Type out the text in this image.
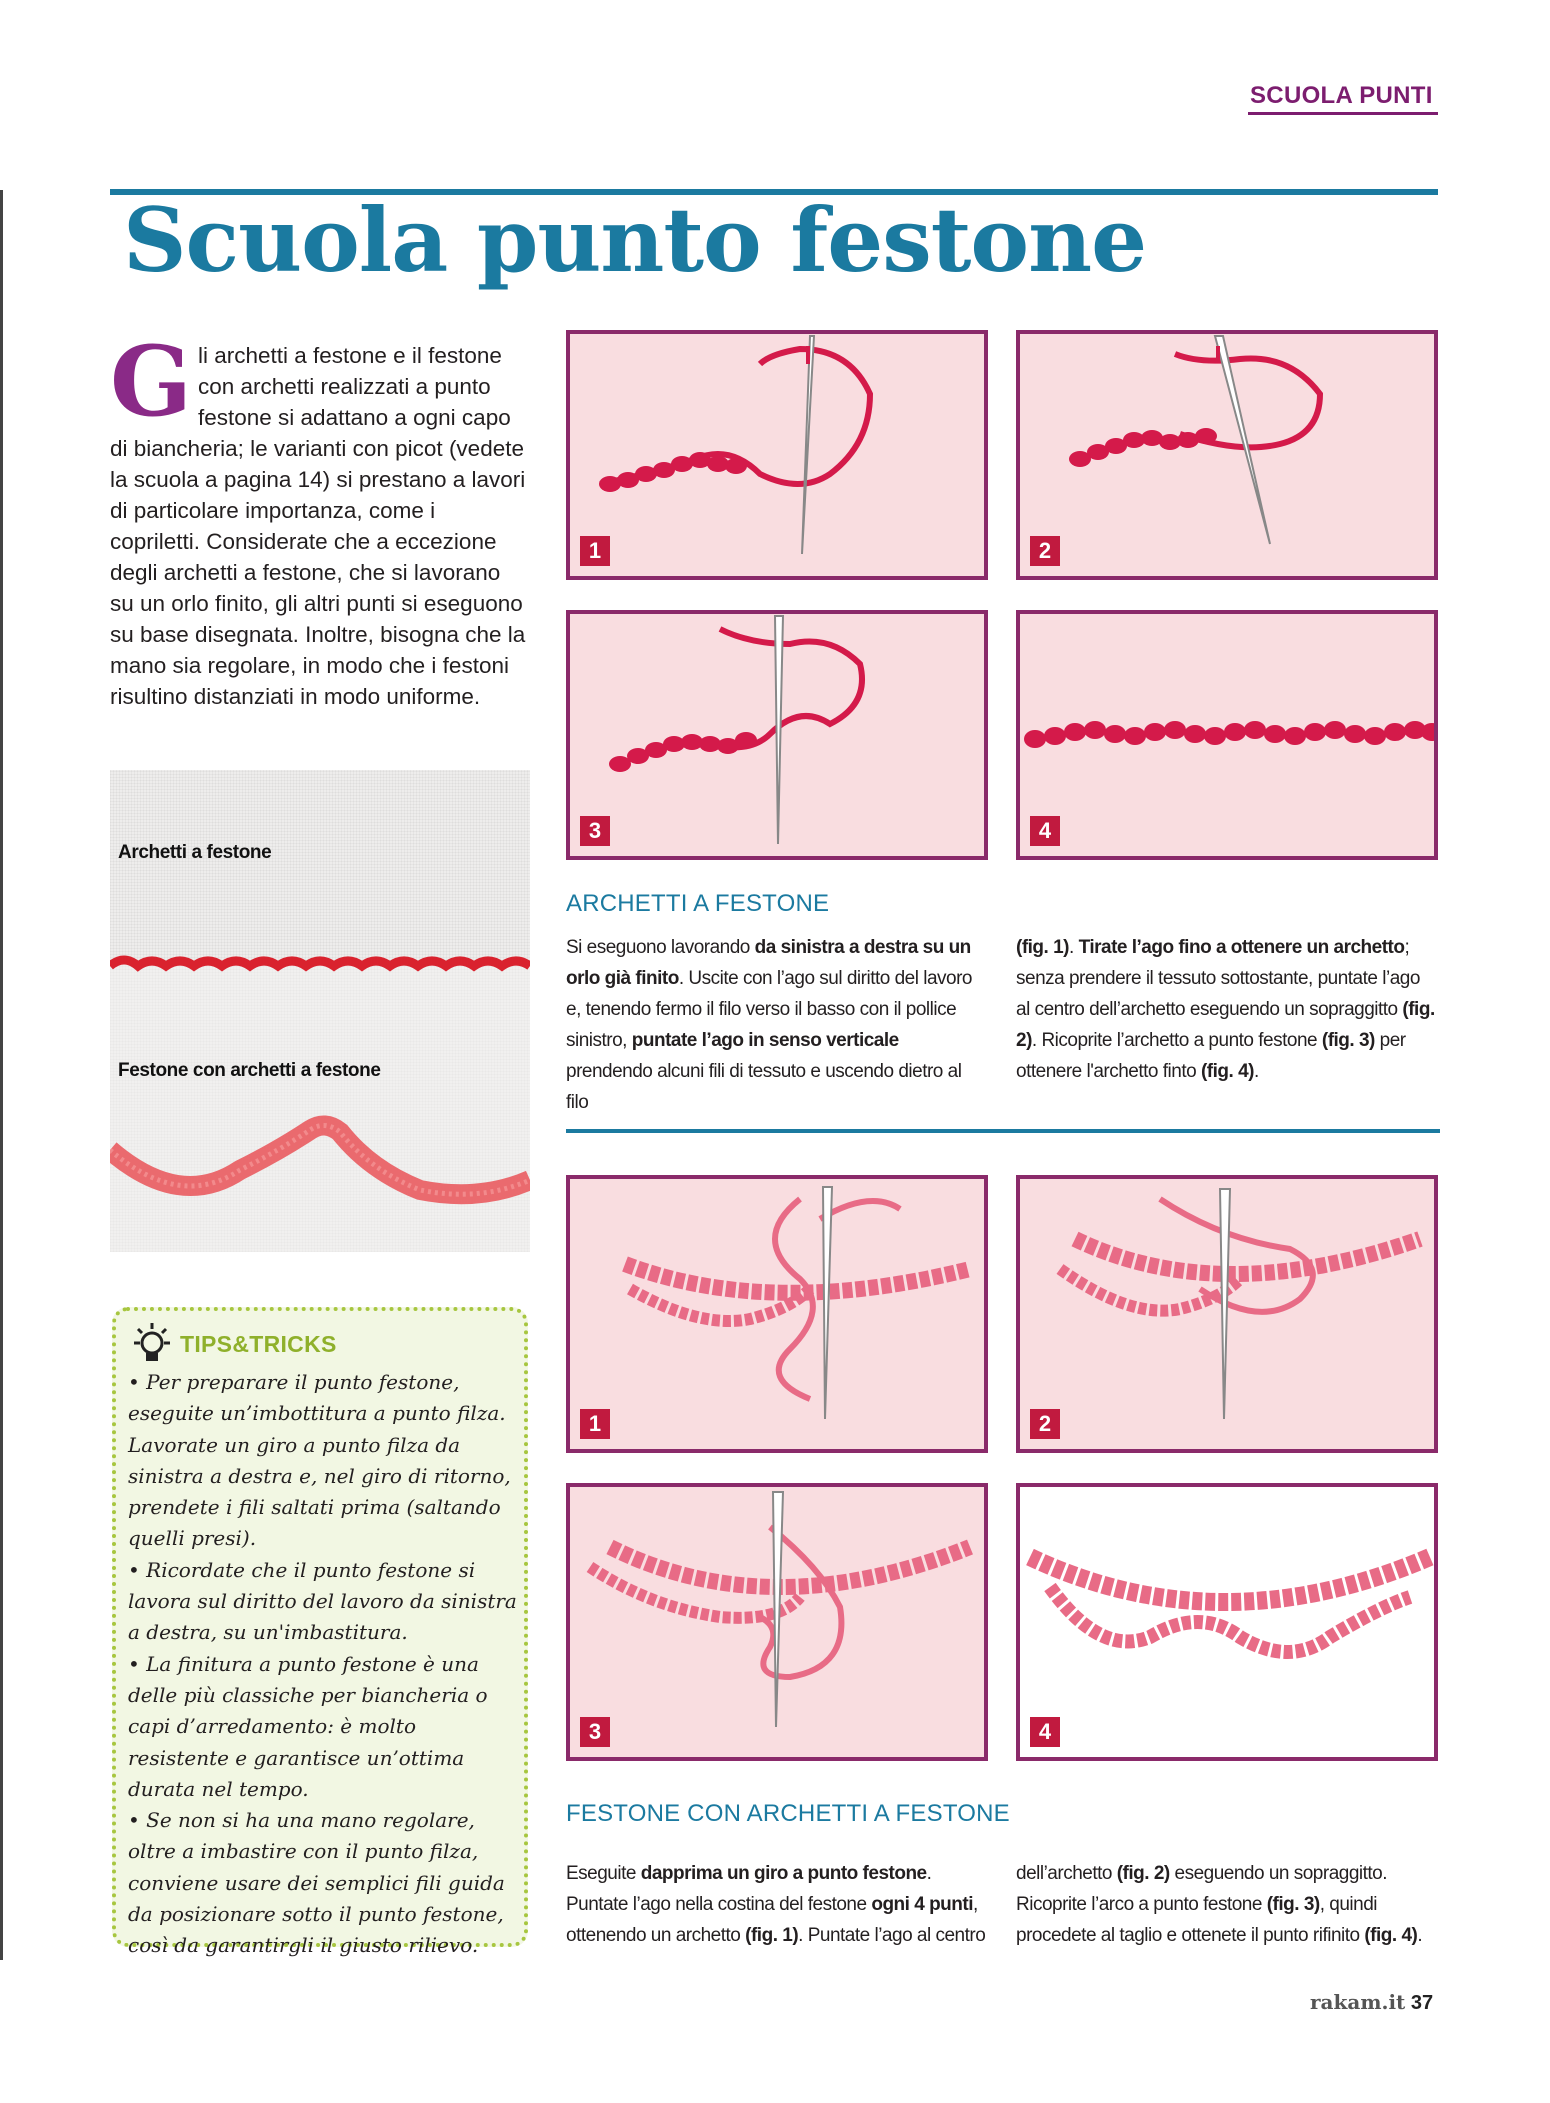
SCUOLA PUNTI
Scuola punto festone
G li archetti a festone e il festone con archetti realizzati a punto festone si adattano a ogni capo di biancheria; le varianti con picot (vedete la scuola a pagina 14) si prestano a lavori di particolare importanza, come i copriletti. Considerate che a eccezione degli archetti a festone, che si lavorano su un orlo finito, gli altri punti si eseguono su base disegnata. Inoltre, bisogna che la mano sia regolare, in modo che i festoni risultino distanziati in modo uniforme.
Archetti a festone
Festone con archetti a festone
TIPS&TRICKS

• Per preparare il punto festone, eseguite un’imbottitura a punto filza. Lavorate un giro a punto filza da sinistra a destra e, nel giro di ritorno, prendete i fili saltati prima (saltando quelli presi).

• Ricordate che il punto festone si lavora sul diritto del lavoro da sinistra a destra, su un'imbastitura.

• La finitura a punto festone è una delle più classiche per biancheria o capi d’arredamento: è molto resistente e garantisce un’ottima durata nel tempo.

• Se non si ha una mano regolare, oltre a imbastire con il punto filza, conviene usare dei semplici fili guida da posizionare sotto il punto festone, così da garantirgli il giusto rilievo.

1	2
3	4
ARCHETTI A FESTONE
Si eseguono lavorando da sinistra a destra su un orlo già finito. Uscite con l’ago sul diritto del lavoro e, tenendo fermo il filo verso il basso con il pollice sinistro, puntate l’ago in senso verticale prendendo alcuni fili di tessuto e uscendo dietro al filo
(fig. 1). Tirate l’ago fino a ottenere un archetto; senza prendere il tessuto sottostante, puntate l’ago al centro dell’archetto eseguendo un sopraggitto (fig. 2). Ricoprite l’archetto a punto festone (fig. 3) per ottenere l'archetto finto (fig. 4).
1	2
3	4
FESTONE CON ARCHETTI A FESTONE
Eseguite dapprima un giro a punto festone. Puntate l’ago nella costina del festone ogni 4 punti, ottenendo un archetto (fig. 1). Puntate l’ago al centro
dell’archetto (fig. 2) eseguendo un sopraggitto. Ricoprite l’arco a punto festone (fig. 3), quindi procedete al taglio e ottenete il punto rifinito (fig. 4).
rakam.it 37
